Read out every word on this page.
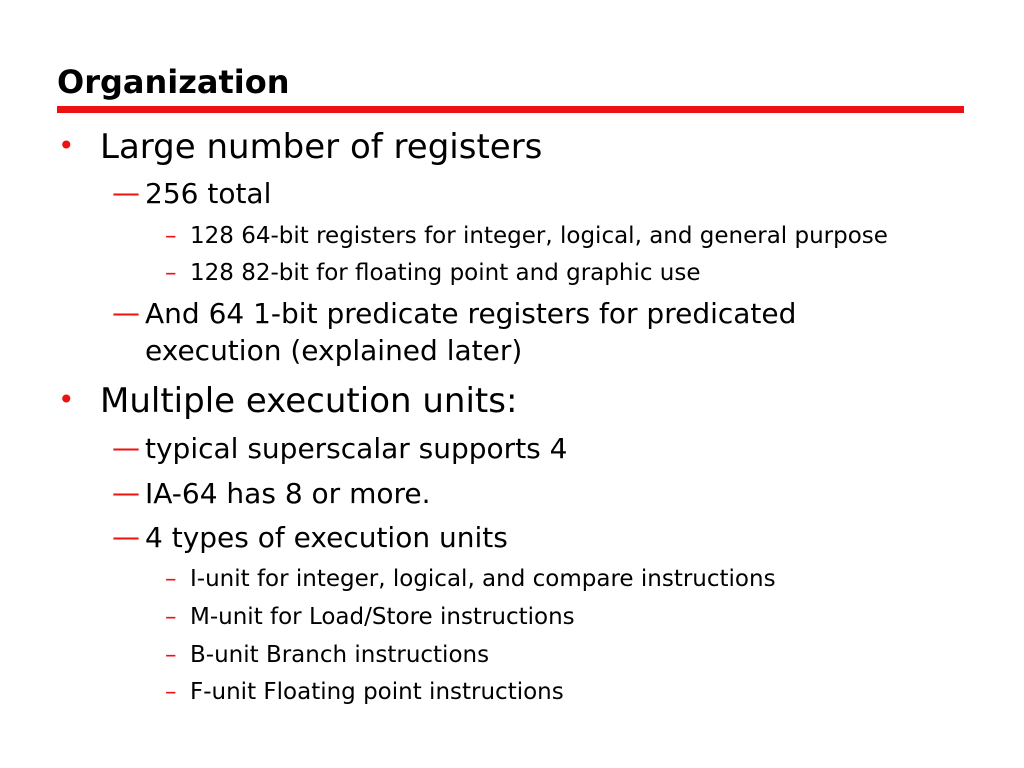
Organization
• Large number of registers
— 256 total
– 128 64-bit registers for integer, logical, and general purpose
– 128 82-bit for floating point and graphic use
— And 64 1-bit predicate registers for predicated
execution (explained later)
• Multiple execution units:
— typical superscalar supports 4
— IA-64 has 8 or more.
— 4 types of execution units
– I-unit for integer, logical, and compare instructions
– M-unit for Load/Store instructions
– B-unit Branch instructions
– F-unit Floating point instructions
